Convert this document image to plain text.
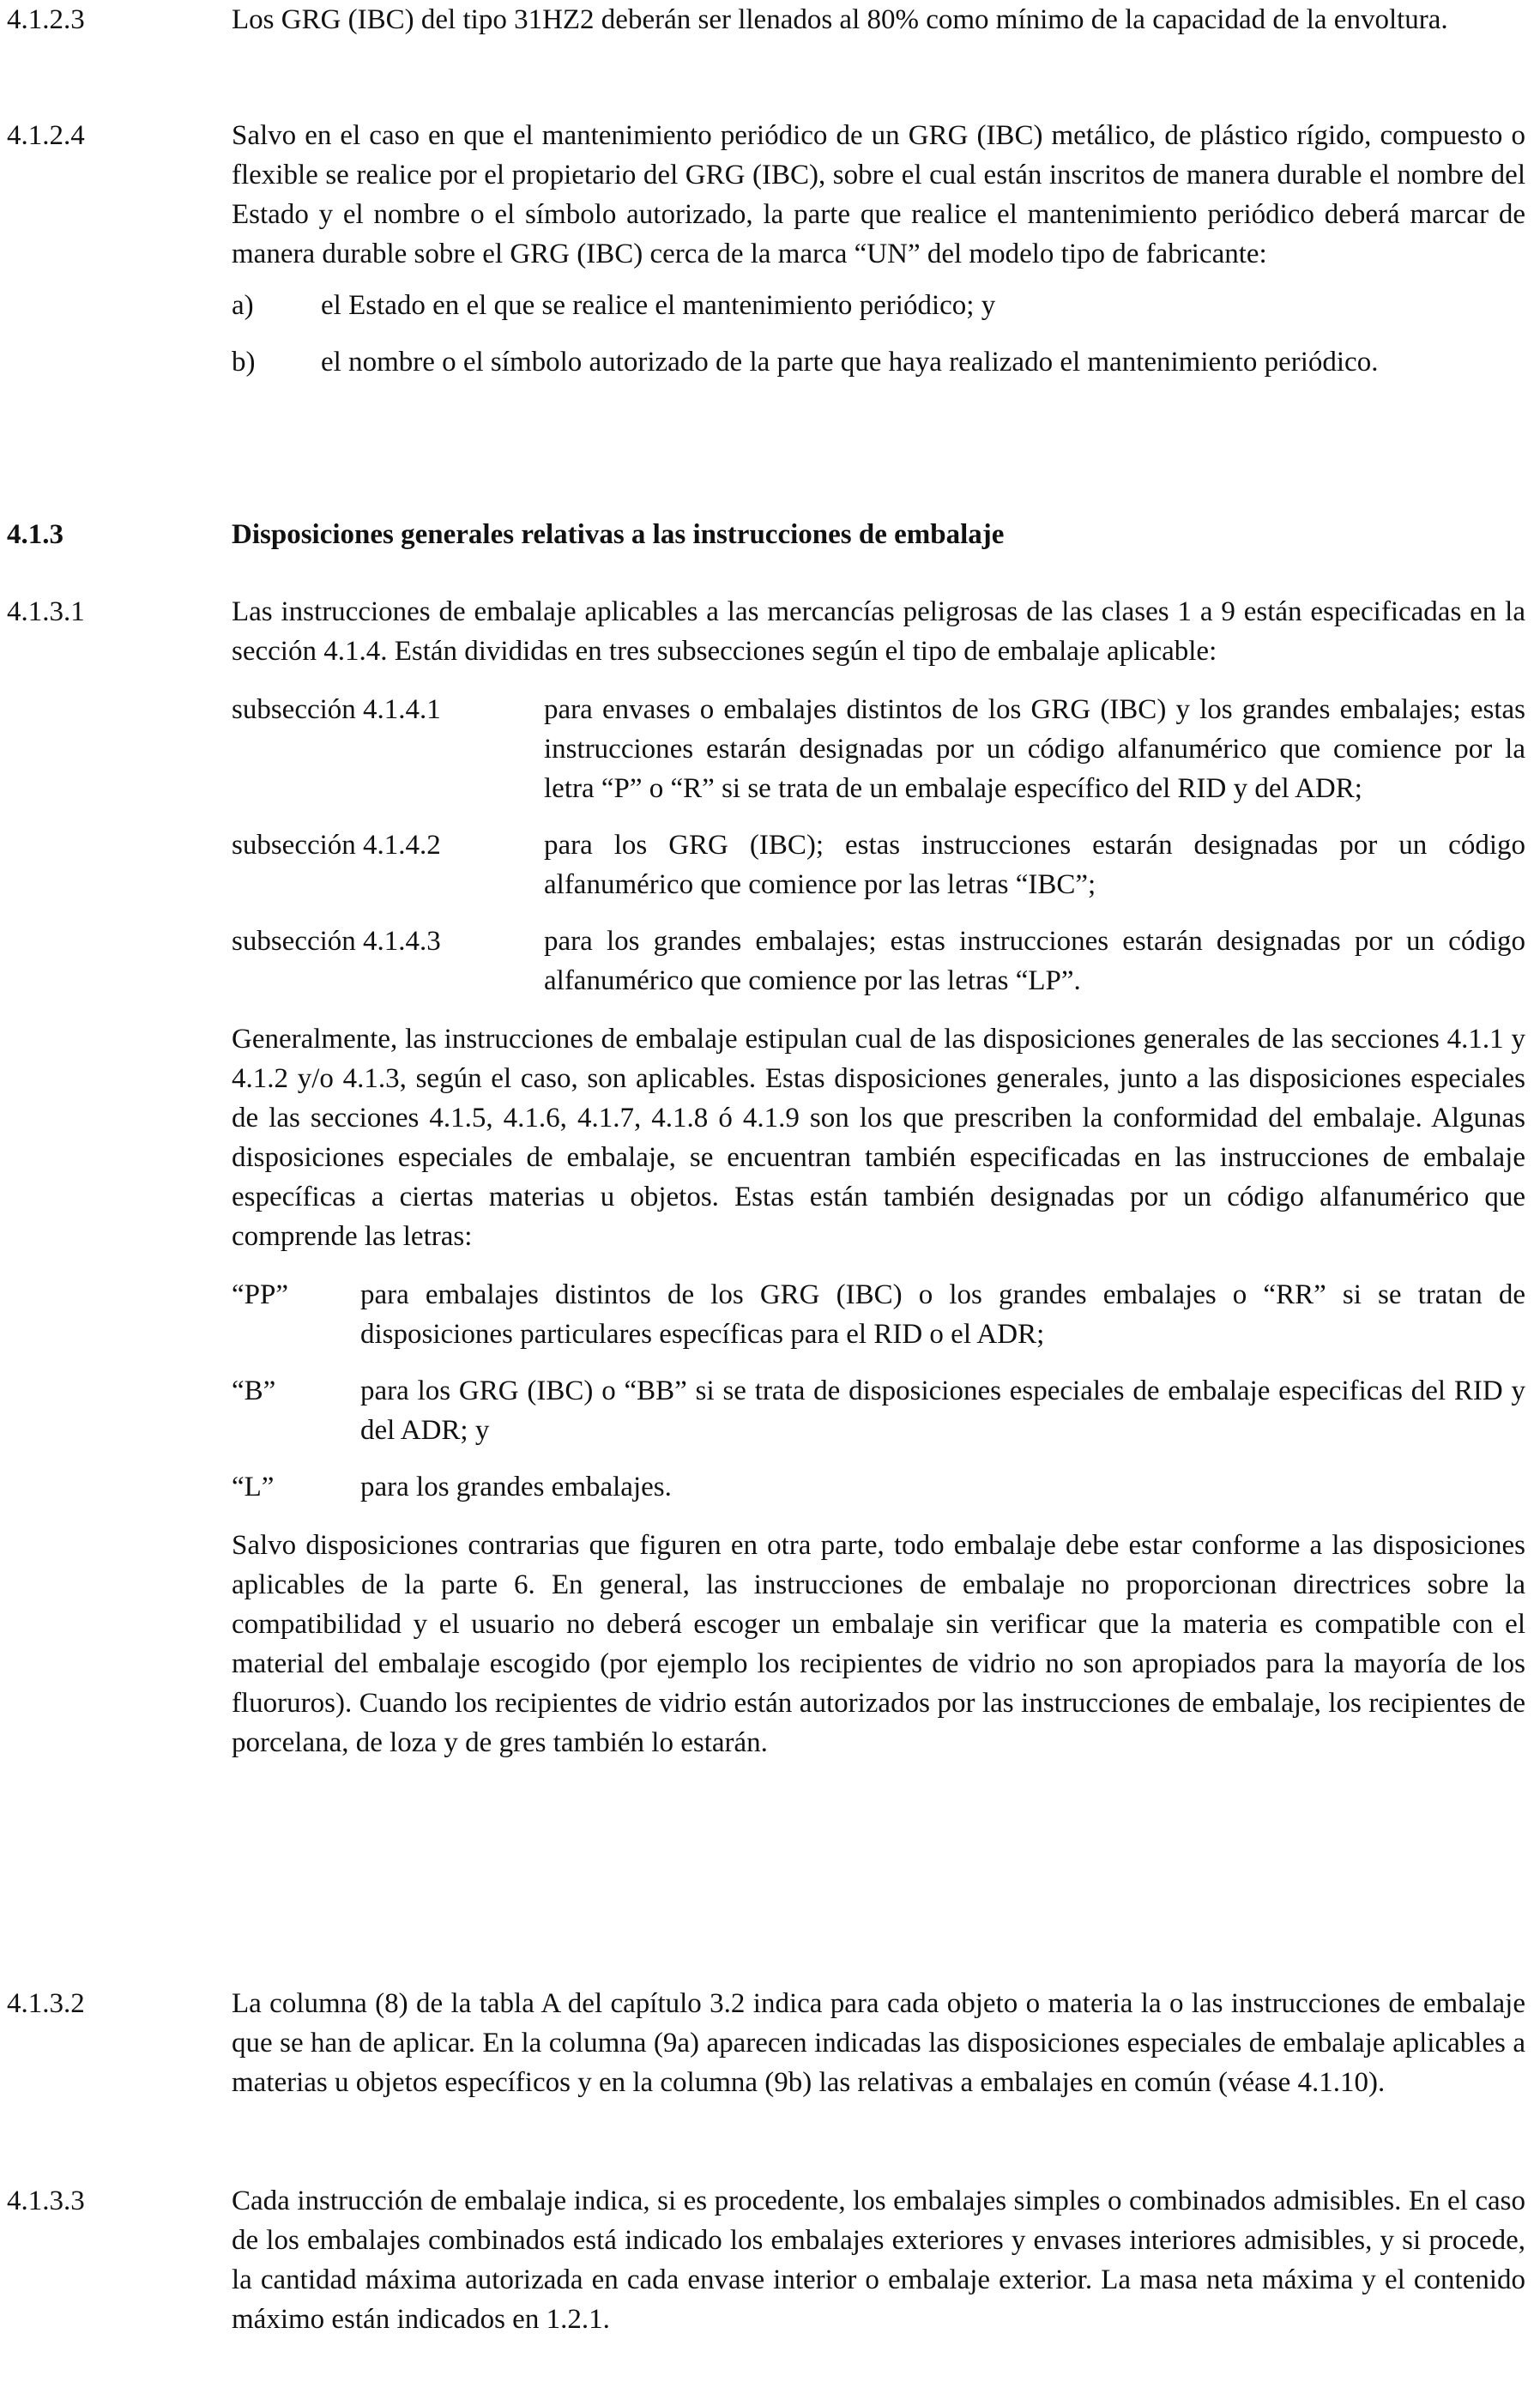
4.1.2.3	Los GRG (IBC) del tipo 31HZ2 deberán ser llenados al 80% como mínimo de la capacidad de la envoltura.

4.1.2.4	Salvo en el caso en que el mantenimiento periódico de un GRG (IBC) metálico, de plástico rígido, compuesto o flexible se realice por el propietario del GRG (IBC), sobre el cual están inscritos de manera durable el nombre del Estado y el nombre o el símbolo autorizado, la parte que realice el mantenimiento periódico deberá marcar de manera durable sobre el GRG (IBC) cerca de la marca “UN” del modelo tipo de fabricante:

a) el Estado en el que se realice el mantenimiento periódico; y
b) el nombre o el símbolo autorizado de la parte que haya realizado el mantenimiento periódico.
4.1.3	Disposiciones generales relativas a las instrucciones de embalaje

4.1.3.1	Las instrucciones de embalaje aplicables a las mercancías peligrosas de las clases 1 a 9 están especificadas en la sección 4.1.4. Están divididas en tres subsecciones según el tipo de embalaje aplicable:

subsección 4.1.4.1	para envases o embalajes distintos de los GRG (IBC) y los grandes embalajes; estas instrucciones estarán designadas por un código alfanumérico que comience por la letra “P” o “R” si se trata de un embalaje específico del RID y del ADR;
subsección 4.1.4.2	para los GRG (IBC); estas instrucciones estarán designadas por un código alfanumérico que comience por las letras “IBC”;
subsección 4.1.4.3	para los grandes embalajes; estas instrucciones estarán designadas por un código alfanumérico que comience por las letras “LP”.

Generalmente, las instrucciones de embalaje estipulan cual de las disposiciones generales de las secciones 4.1.1 y 4.1.2 y/o 4.1.3, según el caso, son aplicables. Estas disposiciones generales, junto a las disposiciones especiales de las secciones 4.1.5, 4.1.6, 4.1.7, 4.1.8 ó 4.1.9 son los que prescriben la conformidad del embalaje. Algunas disposiciones especiales de embalaje, se encuentran también especificadas en las instrucciones de embalaje específicas a ciertas materias u objetos. Estas están también designadas por un código alfanumérico que comprende las letras:

“PP”	para embalajes distintos de los GRG (IBC) o los grandes embalajes o “RR” si se tratan de disposiciones particulares específicas para el RID o el ADR;
“B”	para los GRG (IBC) o “BB” si se trata de disposiciones especiales de embalaje especificas del RID y del ADR; y
“L”	para los grandes embalajes.

Salvo disposiciones contrarias que figuren en otra parte, todo embalaje debe estar conforme a las disposiciones aplicables de la parte 6. En general, las instrucciones de embalaje no proporcionan directrices sobre la compatibilidad y el usuario no deberá escoger un embalaje sin verificar que la materia es compatible con el material del embalaje escogido (por ejemplo los recipientes de vidrio no son apropiados para la mayoría de los fluoruros). Cuando los recipientes de vidrio están autorizados por las instrucciones de embalaje, los recipientes de porcelana, de loza y de gres también lo estarán.

4.1.3.2	La columna (8) de la tabla A del capítulo 3.2 indica para cada objeto o materia la o las instrucciones de embalaje que se han de aplicar. En la columna (9a) aparecen indicadas las disposiciones especiales de embalaje aplicables a materias u objetos específicos y en la columna (9b) las relativas a embalajes en común (véase 4.1.10).

4.1.3.3	Cada instrucción de embalaje indica, si es procedente, los embalajes simples o combinados admisibles. En el caso de los embalajes combinados está indicado los embalajes exteriores y envases interiores admisibles, y si procede, la cantidad máxima autorizada en cada envase interior o embalaje exterior. La masa neta máxima y el contenido máximo están indicados en 1.2.1.
